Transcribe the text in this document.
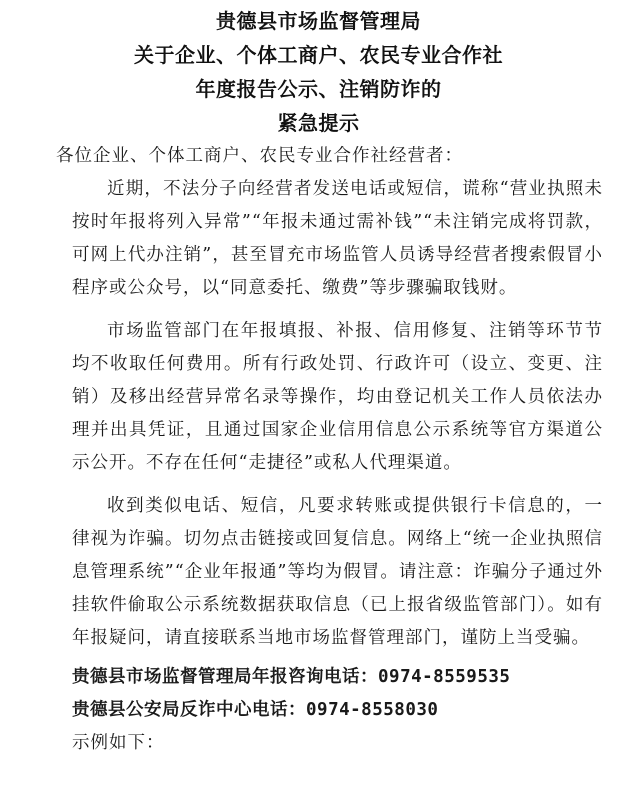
贵德县市场监督管理局
关于企业、个体工商户、农民专业合作社
年度报告公示、注销防诈的
紧急提示

各位企业、个体工商户、农民专业合作社经营者：

近期，不法分子向经营者发送电话或短信，谎称“营业执照未按时年报将列入异常”“年报未通过需补钱”“未注销完成将罚款，可网上代办注销”，甚至冒充市场监管人员诱导经营者搜索假冒小程序或公众号，以“同意委托、缴费”等步骤骗取钱财。

市场监管部门在年报填报、补报、信用修复、注销等环节节均不收取任何费用。所有行政处罚、行政许可（设立、变更、注销）及移出经营异常名录等操作，均由登记机关工作人员依法办理并出具凭证，且通过国家企业信用信息公示系统等官方渠道公示公开。不存在任何“走捷径”或私人代理渠道。

收到类似电话、短信，凡要求转账或提供银行卡信息的，一律视为诈骗。切勿点击链接或回复信息。网络上“统一企业执照信息管理系统”“企业年报通”等均为假冒。请注意：诈骗分子通过外挂软件偷取公示系统数据获取信息（已上报省级监管部门）。如有年报疑问，请直接联系当地市场监督管理部门，谨防上当受骗。

贵德县市场监督管理局年报咨询电话：0974-8559535

贵德县公安局反诈中心电话：0974-8558030

示例如下：
